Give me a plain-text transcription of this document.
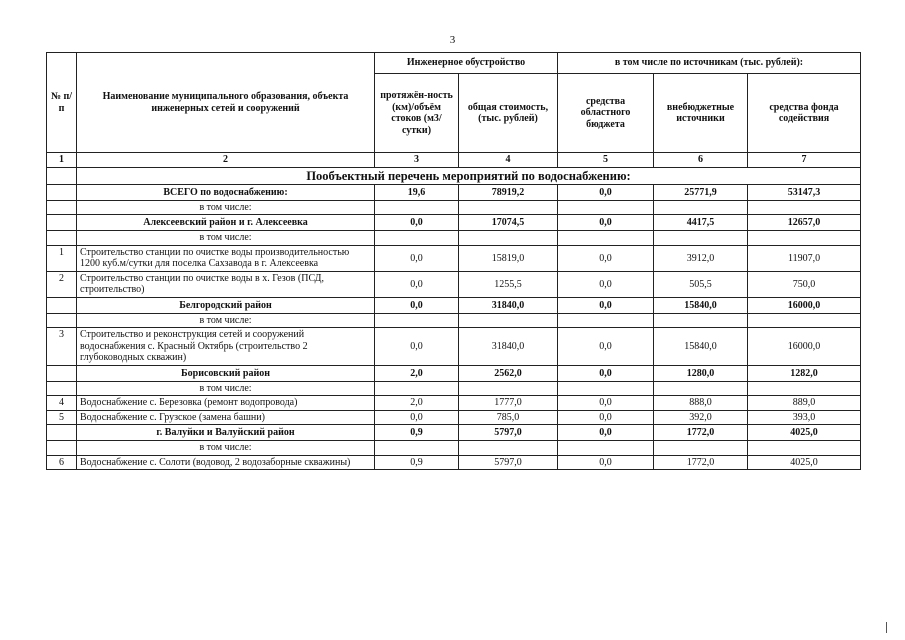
3
№ п/п	Наименование муниципального образования, объекта инженерных сетей и сооружений	Инженерное обустройство		в том числе по источникам (тыс. рублей):		
		протяжён-ность (км)/объём стоков (м3/сутки)	общая стоимость, (тыс. рублей)	средства областного бюджета	внебюджетные источники	средства фонда содействия
1	2	3	4	5	6	7
	Пообъектный перечень мероприятий по водоснабжению:					
	ВСЕГО по водоснабжению:	19,6	78919,2	0,0	25771,9	53147,3
	в том числе:					
	Алексеевский район и г. Алексеевка	0,0	17074,5	0,0	4417,5	12657,0
	в том числе:					
1	Строительство станции по очистке воды производительностью 1200 куб.м/сутки для поселка Сахзавода в г. Алексеевка	0,0	15819,0	0,0	3912,0	11907,0
2	Строительство станции по очистке воды в х. Гезов (ПСД, строительство)	0,0	1255,5	0,0	505,5	750,0
	Белгородский район	0,0	31840,0	0,0	15840,0	16000,0
	в том числе:					
3	Строительство и реконструкция сетей и сооружений водоснабжения с. Красный Октябрь (строительство 2 глубоководных скважин)	0,0	31840,0	0,0	15840,0	16000,0
	Борисовский район	2,0	2562,0	0,0	1280,0	1282,0
	в том числе:					
4	Водоснабжение с. Березовка (ремонт водопровода)	2,0	1777,0	0,0	888,0	889,0
5	Водоснабжение с. Грузское (замена башни)	0,0	785,0	0,0	392,0	393,0
	г. Валуйки и Валуйский район	0,9	5797,0	0,0	1772,0	4025,0
	в том числе:					
6	Водоснабжение с. Солоти (водовод, 2 водозаборные скважины)	0,9	5797,0	0,0	1772,0	4025,0
